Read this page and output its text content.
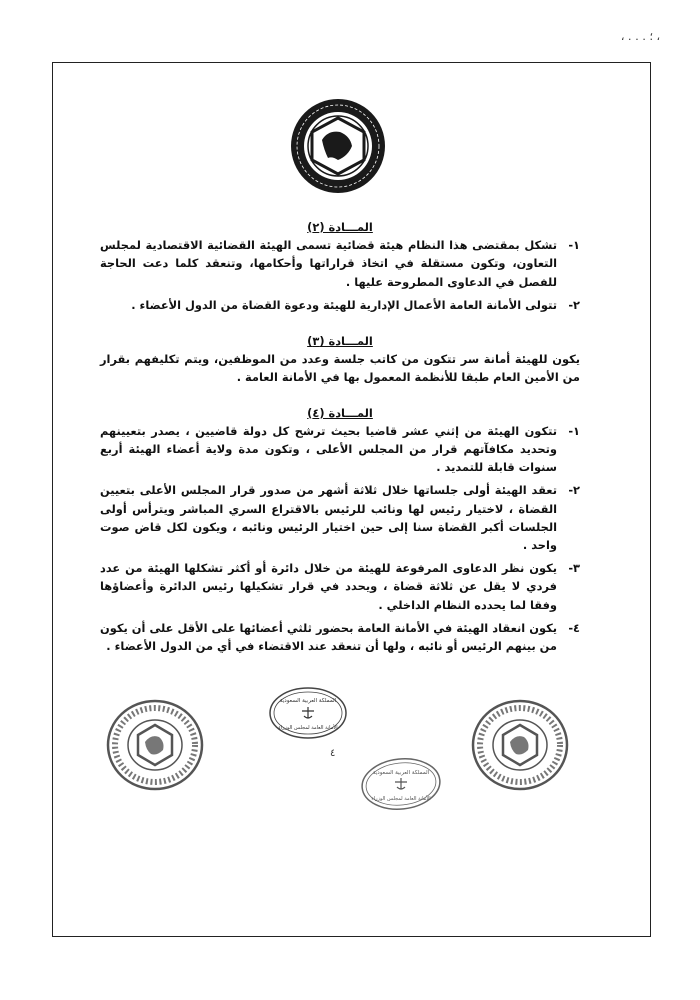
، ․ ․ ․ ؛ ،
المـــادة (٢)
١-
تشكل بمقتضى هذا النظام هيئة قضائية تسمى الهيئة القضائية الاقتصادية لمجلس التعاون، وتكون مستقلة في اتخاذ قراراتها وأحكامها، وتنعقد كلما دعت الحاجة للفصل في الدعاوى المطروحة عليها .
٢-
تتولى الأمانة العامة الأعمال الإدارية للهيئة ودعوة القضاة من الدول الأعضاء .
المـــادة (٣)
يكون للهيئة أمانة سر تتكون من كاتب جلسة وعدد من الموظفين، ويتم تكليفهم بقرار من الأمين العام طبقا للأنظمة المعمول بها في الأمانة العامة .
المـــادة (٤)
١-
تتكون الهيئة من إثني عشر قاضيا بحيث ترشح كل دولة قاضيين ، يصدر بتعيينهم وتحديد مكافآتهم قرار من المجلس الأعلى ، وتكون مدة ولاية أعضاء الهيئة أربع سنوات قابلة للتمديد .
٢-
تعقد الهيئة أولى جلساتها خلال ثلاثة أشهر من صدور قرار المجلس الأعلى بتعيين القضاة ، لاختيار رئيس لها ونائب للرئيس بالاقتراع السري المباشر ويترأس أولى الجلسات أكبر القضاة سنا إلى حين اختيار الرئيس ونائبه ، ويكون لكل قاض صوت واحد .
٣-
يكون نظر الدعاوى المرفوعة للهيئة من خلال دائرة أو أكثر تشكلها الهيئة من عدد فردي لا يقل عن ثلاثة قضاة ، ويحدد في قرار تشكيلها رئيس الدائرة وأعضاؤها وفقا لما يحدده النظام الداخلي .
٤-
يكون انعقاد الهيئة في الأمانة العامة بحضور ثلثي أعضائها على الأقل على أن يكون من بينهم الرئيس أو نائبه ، ولها أن تنعقد عند الاقتضاء في أي من الدول الأعضاء .
٤
المملكة العربية السعودية
الأمانة العامة لمجلس الوزراء
المملكة العربية السعودية
الأمانة العامة لمجلس الوزراء
